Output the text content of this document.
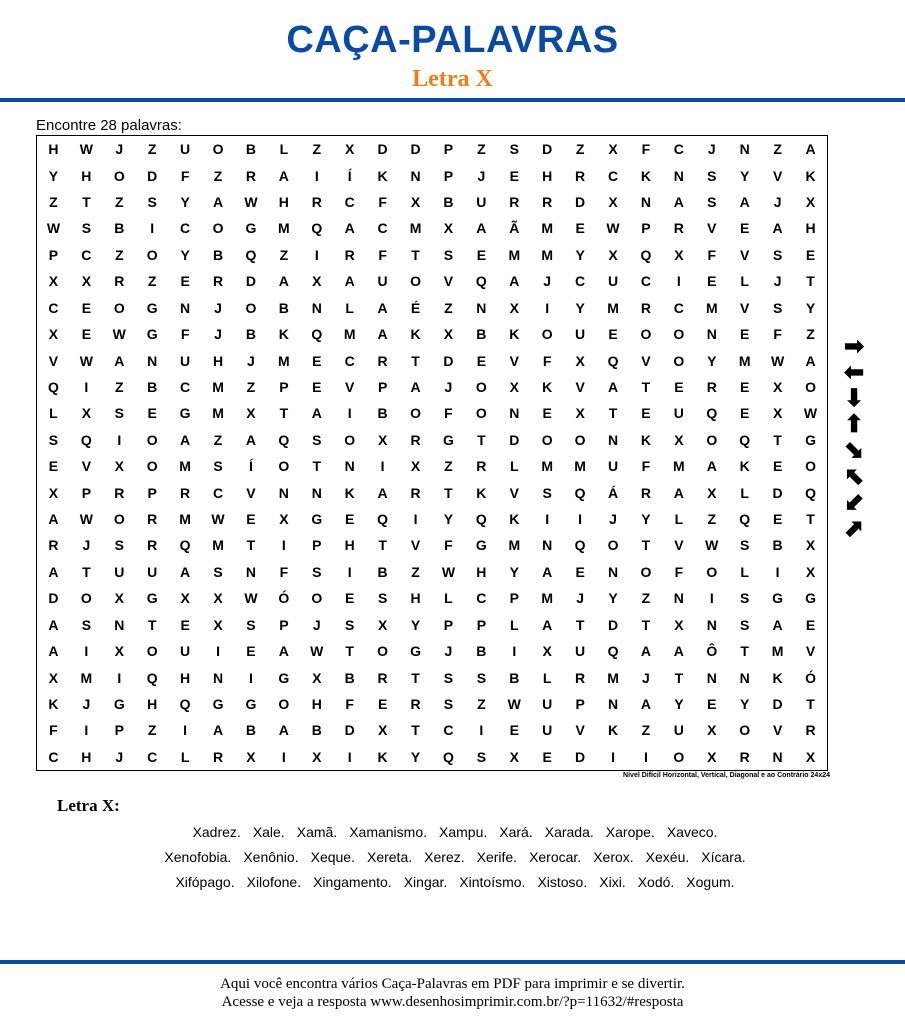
CAÇA-PALAVRAS
Letra X
Encontre 28 palavras:
H	W	J	Z	U	O	B	L	Z	X	D	D	P	Z	S	D	Z	X	F	C	J	N	Z	A
Y	H	O	D	F	Z	R	A	I	Í	K	N	P	J	E	H	R	C	K	N	S	Y	V	K
Z	T	Z	S	Y	A	W	H	R	C	F	X	B	U	R	R	D	X	N	A	S	A	J	X
W	S	B	I	C	O	G	M	Q	A	C	M	X	A	Ã	M	E	W	P	R	V	E	A	H
P	C	Z	O	Y	B	Q	Z	I	R	F	T	S	E	M	M	Y	X	Q	X	F	V	S	E
X	X	R	Z	E	R	D	A	X	A	U	O	V	Q	A	J	C	U	C	I	E	L	J	T
C	E	O	G	N	J	O	B	N	L	A	É	Z	N	X	I	Y	M	R	C	M	V	S	Y
X	E	W	G	F	J	B	K	Q	M	A	K	X	B	K	O	U	E	O	O	N	E	F	Z
V	W	A	N	U	H	J	M	E	C	R	T	D	E	V	F	X	Q	V	O	Y	M	W	A
Q	I	Z	B	C	M	Z	P	E	V	P	A	J	O	X	K	V	A	T	E	R	E	X	O
L	X	S	E	G	M	X	T	A	I	B	O	F	O	N	E	X	T	E	U	Q	E	X	W
S	Q	I	O	A	Z	A	Q	S	O	X	R	G	T	D	O	O	N	K	X	O	Q	T	G
E	V	X	O	M	S	Í	O	T	N	I	X	Z	R	L	M	M	U	F	M	A	K	E	O
X	P	R	P	R	C	V	N	N	K	A	R	T	K	V	S	Q	Á	R	A	X	L	D	Q
A	W	O	R	M	W	E	X	G	E	Q	I	Y	Q	K	I	I	J	Y	L	Z	Q	E	T
R	J	S	R	Q	M	T	I	P	H	T	V	F	G	M	N	Q	O	T	V	W	S	B	X
A	T	U	U	A	S	N	F	S	I	B	Z	W	H	Y	A	E	N	O	F	O	L	I	X
D	O	X	G	X	X	W	Ó	O	E	S	H	L	C	P	M	J	Y	Z	N	I	S	G	G
A	S	N	T	E	X	S	P	J	S	X	Y	P	P	L	A	T	D	T	X	N	S	A	E
A	I	X	O	U	I	E	A	W	T	O	G	J	B	I	X	U	Q	A	A	Ô	T	M	V
X	M	I	Q	H	N	I	G	X	B	R	T	S	S	B	L	R	M	J	T	N	N	K	Ó
K	J	G	H	Q	G	G	O	H	F	E	R	S	Z	W	U	P	N	A	Y	E	Y	D	T
F	I	P	Z	I	A	B	A	B	D	X	T	C	I	E	U	V	K	Z	U	X	O	V	R
C	H	J	C	L	R	X	I	X	I	K	Y	Q	S	X	E	D	I	I	O	X	R	N	X
Nível Difícil Horizontal, Vertical, Diagonal e ao Contrário 24x24
➡
⬅
⬇
⬆
⬊
⬉
⬋
⬈
Letra X:
Xadrez. Xale. Xamã. Xamanismo. Xampu. Xará. Xarada. Xarope. Xaveco.
Xenofobia. Xenônio. Xeque. Xereta. Xerez. Xerife. Xerocar. Xerox. Xexéu. Xícara.
Xifópago. Xilofone. Xingamento. Xingar. Xintoísmo. Xistoso. Xixi. Xodó. Xogum.
Aqui você encontra vários Caça-Palavras em PDF para imprimir e se divertir.
Acesse e veja a resposta www.desenhosimprimir.com.br/?p=11632/#resposta
